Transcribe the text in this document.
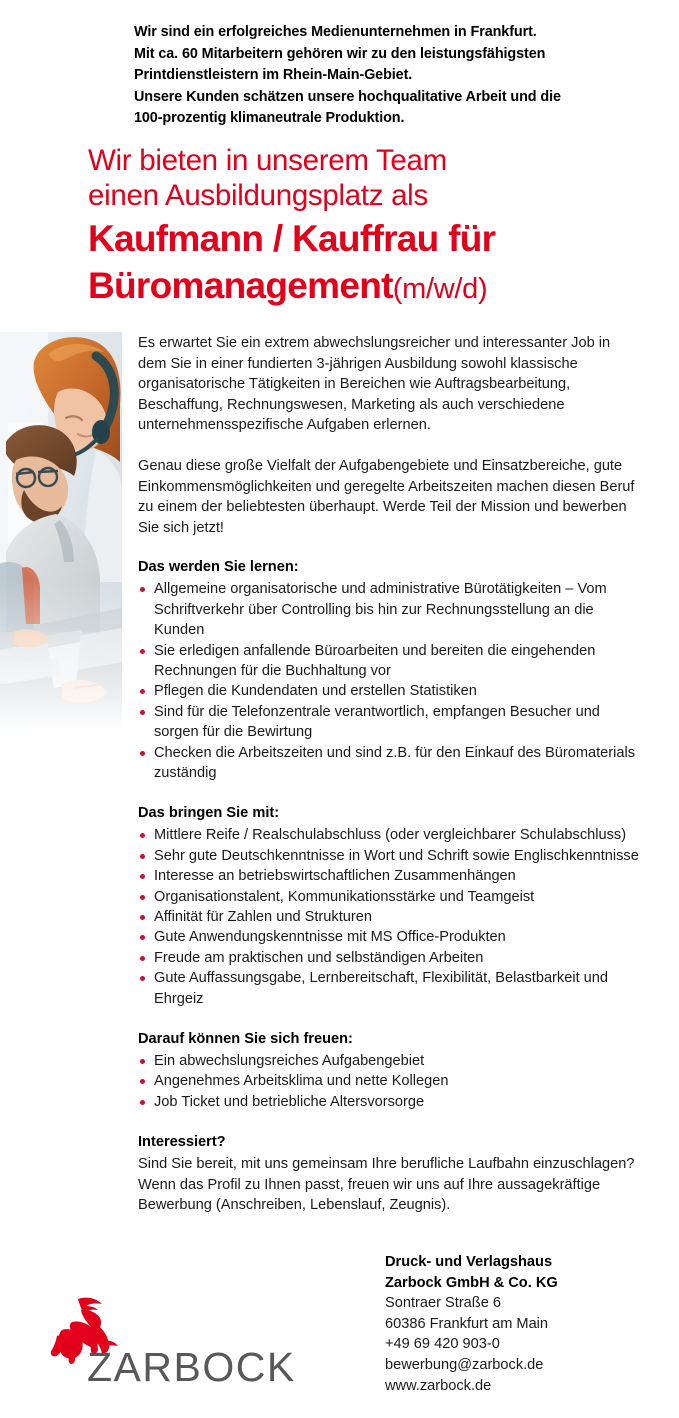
Wir sind ein erfolgreiches Medienunternehmen in Frankfurt.
Mit ca. 60 Mitarbeitern gehören wir zu den leistungsfähigsten
Printdienstleistern im Rhein-Main-Gebiet.
Unsere Kunden schätzen unsere hochqualitative Arbeit und die
100-prozentig klimaneutrale Produktion.
Wir bieten in unserem Team
einen Ausbildungsplatz als
Kaufmann / Kauffrau für
Büromanagement(m/w/d)

Es erwartet Sie ein extrem abwechslungsreicher und interessanter Job in dem Sie in einer fundierten 3-jährigen Ausbildung sowohl klassische organisatorische Tätigkeiten in Bereichen wie Auftragsbearbeitung, Beschaffung, Rechnungswesen, Marketing als auch verschiedene unternehmensspezifische Aufgaben erlernen.

Genau diese große Vielfalt der Aufgabengebiete und Einsatzbereiche, gute Einkommensmöglichkeiten und geregelte Arbeitszeiten machen diesen Beruf zu einem der beliebtesten überhaupt. Werde Teil der Mission und bewerben Sie sich jetzt!

Das werden Sie lernen:
Allgemeine organisatorische und administrative Bürotätigkeiten – Vom Schriftverkehr über Controlling bis hin zur Rechnungsstellung an die Kunden
Sie erledigen anfallende Büroarbeiten und bereiten die eingehenden Rechnungen für die Buchhaltung vor
Pflegen die Kundendaten und erstellen Statistiken
Sind für die Telefonzentrale verantwortlich, empfangen Besucher und sorgen für die Bewirtung
Checken die Arbeitszeiten und sind z.B. für den Einkauf des Büromaterials zuständig
Das bringen Sie mit:
Mittlere Reife / Realschulabschluss (oder vergleichbarer Schulabschluss)
Sehr gute Deutschkenntnisse in Wort und Schrift sowie Englischkenntnisse
Interesse an betriebswirtschaftlichen Zusammenhängen
Organisationstalent, Kommunikationsstärke und Teamgeist
Affinität für Zahlen und Strukturen
Gute Anwendungskenntnisse mit MS Office-Produkten
Freude am praktischen und selbständigen Arbeiten
Gute Auffassungsgabe, Lernbereitschaft, Flexibilität, Belastbarkeit und Ehrgeiz
Darauf können Sie sich freuen:
Ein abwechslungsreiches Aufgabengebiet
Angenehmes Arbeitsklima und nette Kollegen
Job Ticket und betriebliche Altersvorsorge
Interessiert?

Sind Sie bereit, mit uns gemeinsam Ihre berufliche Laufbahn einzuschlagen? Wenn das Profil zu Ihnen passt, freuen wir uns auf Ihre aussagekräftige Bewerbung (Anschreiben, Lebenslauf, Zeugnis).

Druck- und Verlagshaus
Zarbock GmbH & Co. KG
Sontraer Straße 6
60386 Frankfurt am Main
+49 69 420 903-0
bewerbung@zarbock.de
www.zarbock.de
ZARBOCK
